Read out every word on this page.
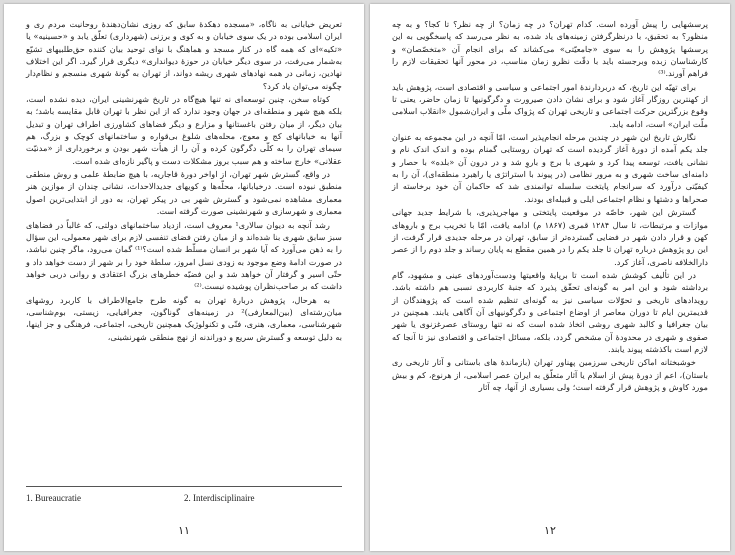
تعریض خیابانی به ناگاه، «مسجده دهکدهٔ سابق که روزی نشان‌دهندهٔ روحانیت مردم ری و ایران اسلامی بوده در یک سوی خیابان و به کوی و برزنی (شهرداری) تعلّق یابد و «حسینیه» یا «تکیه»ای که همه گاه در کنار مسجد و هماهنگ با نوای توحید بیان کننده حق‌طلبیهای تشیّع به‌شمار می‌رفت، در سوی دیگر خیابان در حوزهٔ دیوانداری» دیگری قرار گیرد. اگر این اختلاف نهادین، زمانی در همه نهادهای شهری ریشه دواند، از تهران به گونهٔ شهری منسجم و نظام‌دار چگونه می‌توان یاد کرد؟

کوتاه سخن، چنین توسعه‌ای نه تنها هیچ‌گاه در تاریخ شهرنشینی ایران، دیده نشده است، بلکه هیچ شهر و منطقه‌ای در جهان وجود ندارد که از این نظر با تهران قابل مقایسه باشد؛ به بیان دیگر، از میان رفتن باغستانها و مزارع و دیگر فضاهای کشاورزی اطراف تهران و تبدیل آنها به خیابانهای کج و معوج، محله‌های شلوغ بی‌قواره و ساختمانهای کوچک و بزرگ، هم سیمای تهران را به کلّی دگرگون کرده و آن را از هیأت شهر بودن و برخورداری از «مدنیّت عقلانی» خارج ساخته و هم سبب بروز مشکلات دست و پاگیر نازه‌ای شده است.

در واقع، گسترش شهر تهران، از اواخر دورهٔ قاجاریه، با هیچ ضابطهٔ علمی و روش منطقی منطبق نبوده است. درخیابانها، محلّه‌ها و کویهای جدیدالاحداث، نشانی چندان از موازین هنر معماری مشاهده نمی‌شود و گسترش شهر بی در پیکر تهران، به دور از ابتدایی‌ترین اصول معماری و شهرسازی و شهرنشینی صورت گرفته است.

رشد آنچه به دیوان سالاری¹ معروف است، ازدیاد ساختمانهای دولتی، که غالباً در فضاهای سبز سابق شهری بنا شده‌اند و از میان رفتن فضای تنفسی لازم برای شهر معمولی، این سؤال را به ذهن می‌آورد که آیا شهر بر انسان مسلّط شده است؟⁽¹⁾ گمان می‌رود، ماگر چنین نباشد، در صورت ادامهٔ وضع موجود به زودی نسل امروز، سلطهٔ خود را بر شهر از دست خواهد داد و حتّی اسیر و گرفتار آن خواهد شد و این فضیّه خطرهای بزرگ اعتقادی و روانی دربی خواهد داشت که بر صاحب‌نظران پوشیده نیست.⁽²⁾

به هرحال، پژوهش دربارهٔ تهران به گونه طرح جامع‌الاطراف با کاربرد روشهای میان‌رشته‌ای (بین‌المعارفی)² در زمینه‌های گوناگون، جغرافیایی، زیستی، بوم‌شناسی، شهرشناسی، معماری، هنری، فنّی و تکنولوژیک همچنین تاریخی، اجتماعی، فرهنگی و جز اینها، به دلیل توسعه و گسترش سریع و دوراندنه از نهج منطقی شهرنشینی،

1. Bureaucratie	2. Interdisciplinaire
۱۱

پرسشهایی را پیش آورده است. کدام تهران؟ در چه زمان؟ از چه نظر؟ تا کجا؟ و به چه منظور؟ به تحقیق، با درنظرگرفتن زمینه‌های یاد شده، به نظر می‌رسد که پاسخگویی به این پرسشها پژوهش را به سوی «جامعیّتی» می‌کشاند که برای انجام آن «متخصّصان» و کارشناسان زبده وبرجسته باید با دقّت نظرو زمان مناسب، در محور آنها تحقیقات لازم را فراهم آورند.⁽³⁾

برای تهیّه این تاریخ، که دربردارندهٔ امور اجتماعی و سیاسی و اقتصادی است، پژوهش باید از کهنترین روزگار آغاز شود و برای نشان دادن صیرورت و دگرگونیها تا زمان حاضر، یعنی تا وقوع بزرگترین حرکت اجتماعی و تاریخی تهران که پژواک ملّی و ایران‌شمول «انقلاب اسلامی ملّت ایران» است، ادامه یابد.

نگارش تاریخ این شهر در چندین مرحله انجام‌پذیر است، امّا آنچه در این مجموعه به عنوان جلد یکم آمده از دورهٔ آغاز گردیده است که تهران روستایی گمنام بوده و اندک اندک نام و نشانی یافت، توسعه پیدا کرد و شهری با برج و باروِ شد و در درون آن «بلده» با حصار و دامنه‌ای ساخت شهری و به مرور نظامی (در پیوند با استراتژی یا راهبرد منطقه‌ای)، آن را به کیفیّتی درآورد که سرانجام پایتخت سلسله توانمندی شد که حاکمان آن خود برخاسته از صحراها و دشتها و نظام اجتماعی ایلی و قبیله‌ای بودند.

گسترش این شهر، خاصّه در موقعیت پایتختی و مهاجرپذیری، با شرایط جدید جهانی موازات و مرتبطات، تا سال ۱۲۸۴ قمری (۱۸۶۷ م) ادامه یافت، امّا با تخریب برج و باروهای کهن و قرار دادن شهر در فضایی گسترده‌تر از سابق، تهران در مرحله جدیدی قرار گرفت، از این رو پژوهش درباره تهران تا جلد یکم را در همین مقطع به پایان رساند و جلد دوم را از عصر دارالخلافه ناصری، آغاز کرد.

در این تألیف کوشش شده است تا برپایهٔ واقعیتها ودست‌آوردهای عینی و مشهود، گام برداشته شود و این امر به گونه‌ای تحقّق پذیرد که جنبهٔ کاربردی نسبی هم داشته باشد. رویدادهای تاریخی و تحوّلات سیاسی نیز به گونه‌ای تنظیم شده است که پژوهندگان از قدیمترین ایام تا دوران معاصر از اوضاع اجتماعی و دگرگونیهای آن آگاهی یابند. همچنین در بیان جغرافیا و کالبد شهری روشی اتخاذ شده است که نه تنها روستای عصرغزنوی یا شهر صفوی و شهری در محدودهٔ آن مشخص گردد، بلکه، مسائل اجتماعی و اقتصادی نیز تا آنجا که لازم است باکذشته پیوند یابند.

خوشبختانه اماکن تاریخی سرزمین پهناور تهران (بازماندهٔ های باستانی و آثار تاریخی ری باستان)، اعم از دورهٔ پیش از اسلام یا آثار متعلّق به ایران عصر اسلامی، از هرنوع، کم و بیش مورد کاوش و پژوهش قرار گرفته است؛ ولی بسیاری از آنها، چه آثار

۱۲
